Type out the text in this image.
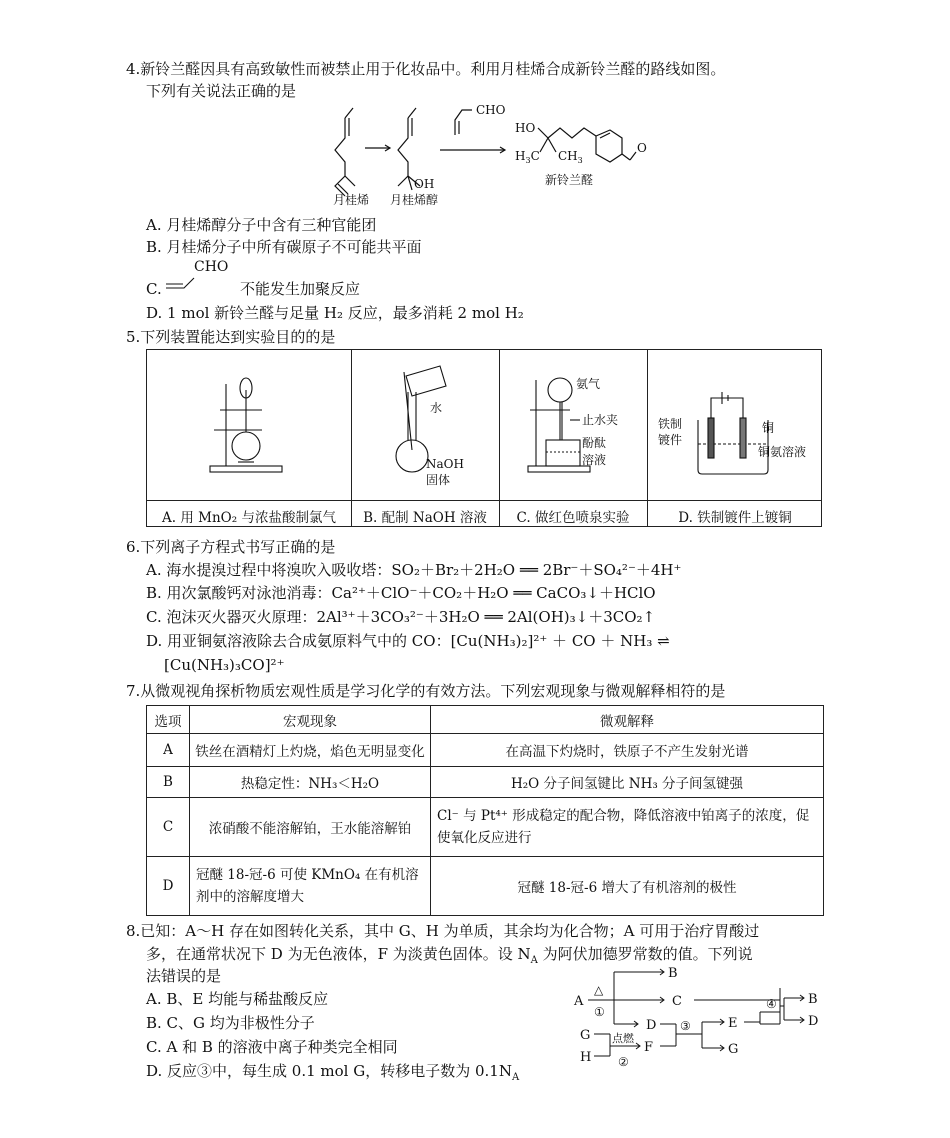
4.新铃兰醛因具有高致敏性而被禁止用于化妆品中。利用月桂烯合成新铃兰醛的路线如图。
下列有关说法正确的是
月桂烯 月桂烯醇
OH
CHO
HO
$H_3C$ $CH_3$
O
新铃兰醛
A. 月桂烯醇分子中含有三种官能团
B. 月桂烯分子中所有碳原子不可能共平面
CHO
C.	不能发生加聚反应
D. 1 mol 新铃兰醛与足量 H₂ 反应，最多消耗 2 mol H₂
5.下列装置能达到实验目的的是
A. 用 MnO₂ 与浓盐酸制氯气	B. 配制 NaOH 溶液	C. 做红色喷泉实验	D. 铁制镀件上镀铜
水
NaOH
固体
氨气
止水夹
酚酞
溶液
铁制
镀件
铜
铜氨溶液
6.下列离子方程式书写正确的是
A. 海水提溴过程中将溴吹入吸收塔：SO₂＋Br₂＋2H₂O ══ 2Br⁻＋SO₄²⁻＋4H⁺
B. 用次氯酸钙对泳池消毒：Ca²⁺＋ClO⁻＋CO₂＋H₂O ══ CaCO₃↓＋HClO
C. 泡沫灭火器灭火原理：2Al³⁺＋3CO₃²⁻＋3H₂O ══ 2Al(OH)₃↓＋3CO₂↑
D. 用亚铜氨溶液除去合成氨原料气中的 CO：[Cu(NH₃)₂]²⁺ ＋ CO ＋ NH₃ ⇌
[Cu(NH₃)₃CO]²⁺
7.从微观视角探析物质宏观性质是学习化学的有效方法。下列宏观现象与微观解释相符的是
选项	宏观现象	微观解释
A	铁丝在酒精灯上灼烧，焰色无明显变化	在高温下灼烧时，铁原子不产生发射光谱
B	热稳定性：NH₃＜H₂O	H₂O 分子间氢键比 NH₃ 分子间氢键强
C	浓硝酸不能溶解铂，王水能溶解铂	Cl⁻ 与 Pt⁴⁺ 形成稳定的配合物，降低溶液中铂离子的浓度，促使氧化反应进行
D	冠醚 18-冠-6 可使 KMnO₄ 在有机溶剂中的溶解度增大	冠醚 18-冠-6 增大了有机溶剂的极性
8.已知：A～H 存在如图转化关系，其中 G、H 为单质，其余均为化合物；A 可用于治疗胃酸过
多，在通常状况下 D 为无色液体，F 为淡黄色固体。设 $N_A$ 为阿伏加德罗常数的值。下列说
法错误的是
A. B、E 均能与稀盐酸反应
B. C、G 均为非极性分子
C. A 和 B 的溶液中离子种类完全相同
D. 反应③中，每生成 0.1 mol G，转移电子数为 $0.1N_A$
A
B
C
D	E
F
G
H
G
B
D
△
①
③
④
点燃
②
